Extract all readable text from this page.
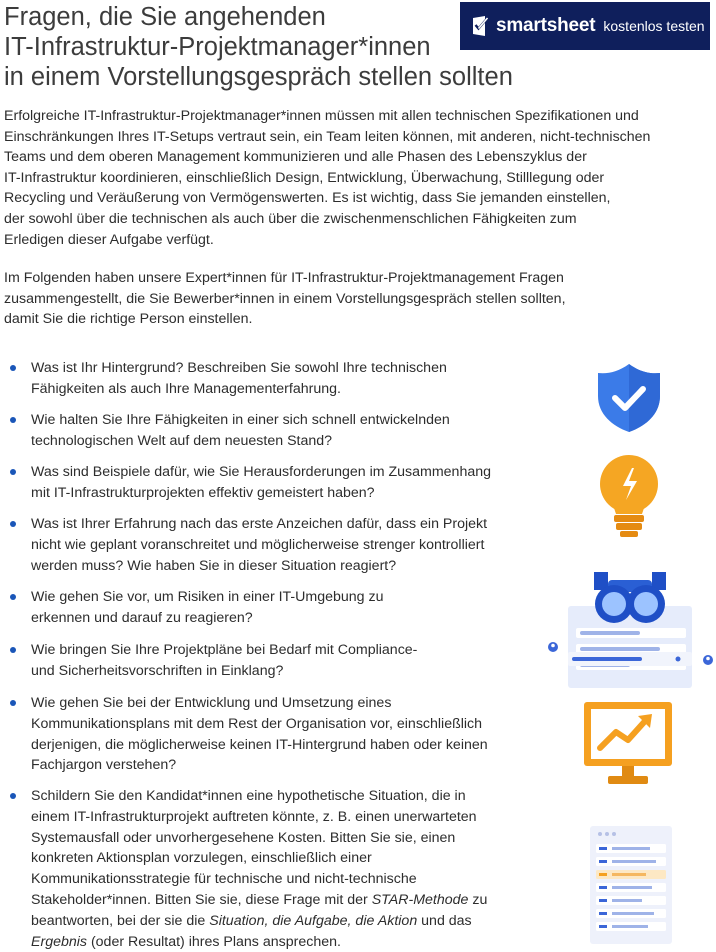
Fragen, die Sie angehenden
IT-Infrastruktur-Projektmanager*innen
in einem Vorstellungsgespräch stellen sollten
smartsheet kostenlos testen

Erfolgreiche IT-Infrastruktur-Projektmanager*innen müssen mit allen technischen Spezifikationen und
Einschränkungen Ihres IT-Setups vertraut sein, ein Team leiten können, mit anderen, nicht-technischen
Teams und dem oberen Management kommunizieren und alle Phasen des Lebenszyklus der
IT-Infrastruktur koordinieren, einschließlich Design, Entwicklung, Überwachung, Stilllegung oder
Recycling und Veräußerung von Vermögenswerten. Es ist wichtig, dass Sie jemanden einstellen,
der sowohl über die technischen als auch über die zwischenmenschlichen Fähigkeiten zum
Erledigen dieser Aufgabe verfügt.

Im Folgenden haben unsere Expert*innen für IT-Infrastruktur-Projektmanagement Fragen
zusammengestellt, die Sie Bewerber*innen in einem Vorstellungsgespräch stellen sollten,
damit Sie die richtige Person einstellen.

Was ist Ihr Hintergrund? Beschreiben Sie sowohl Ihre technischen
Fähigkeiten als auch Ihre Managementerfahrung.
Wie halten Sie Ihre Fähigkeiten in einer sich schnell entwickelnden
technologischen Welt auf dem neuesten Stand?
Was sind Beispiele dafür, wie Sie Herausforderungen im Zusammenhang
mit IT-Infrastrukturprojekten effektiv gemeistert haben?
Was ist Ihrer Erfahrung nach das erste Anzeichen dafür, dass ein Projekt
nicht wie geplant voranschreitet und möglicherweise strenger kontrolliert
werden muss? Wie haben Sie in dieser Situation reagiert?
Wie gehen Sie vor, um Risiken in einer IT-Umgebung zu
erkennen und darauf zu reagieren?
Wie bringen Sie Ihre Projektpläne bei Bedarf mit Compliance-
und Sicherheitsvorschriften in Einklang?
Wie gehen Sie bei der Entwicklung und Umsetzung eines
Kommunikationsplans mit dem Rest der Organisation vor, einschließlich
derjenigen, die möglicherweise keinen IT-Hintergrund haben oder keinen
Fachjargon verstehen?
Schildern Sie den Kandidat*innen eine hypothetische Situation, die in
einem IT-Infrastrukturprojekt auftreten könnte, z. B. einen unerwarteten
Systemausfall oder unvorhergesehene Kosten. Bitten Sie sie, einen
konkreten Aktionsplan vorzulegen, einschließlich einer
Kommunikationsstrategie für technische und nicht-technische
Stakeholder*innen. Bitten Sie sie, diese Frage mit der STAR-Methode zu
beantworten, bei der sie die Situation, die Aufgabe, die Aktion und das
Ergebnis (oder Resultat) ihres Plans ansprechen.
